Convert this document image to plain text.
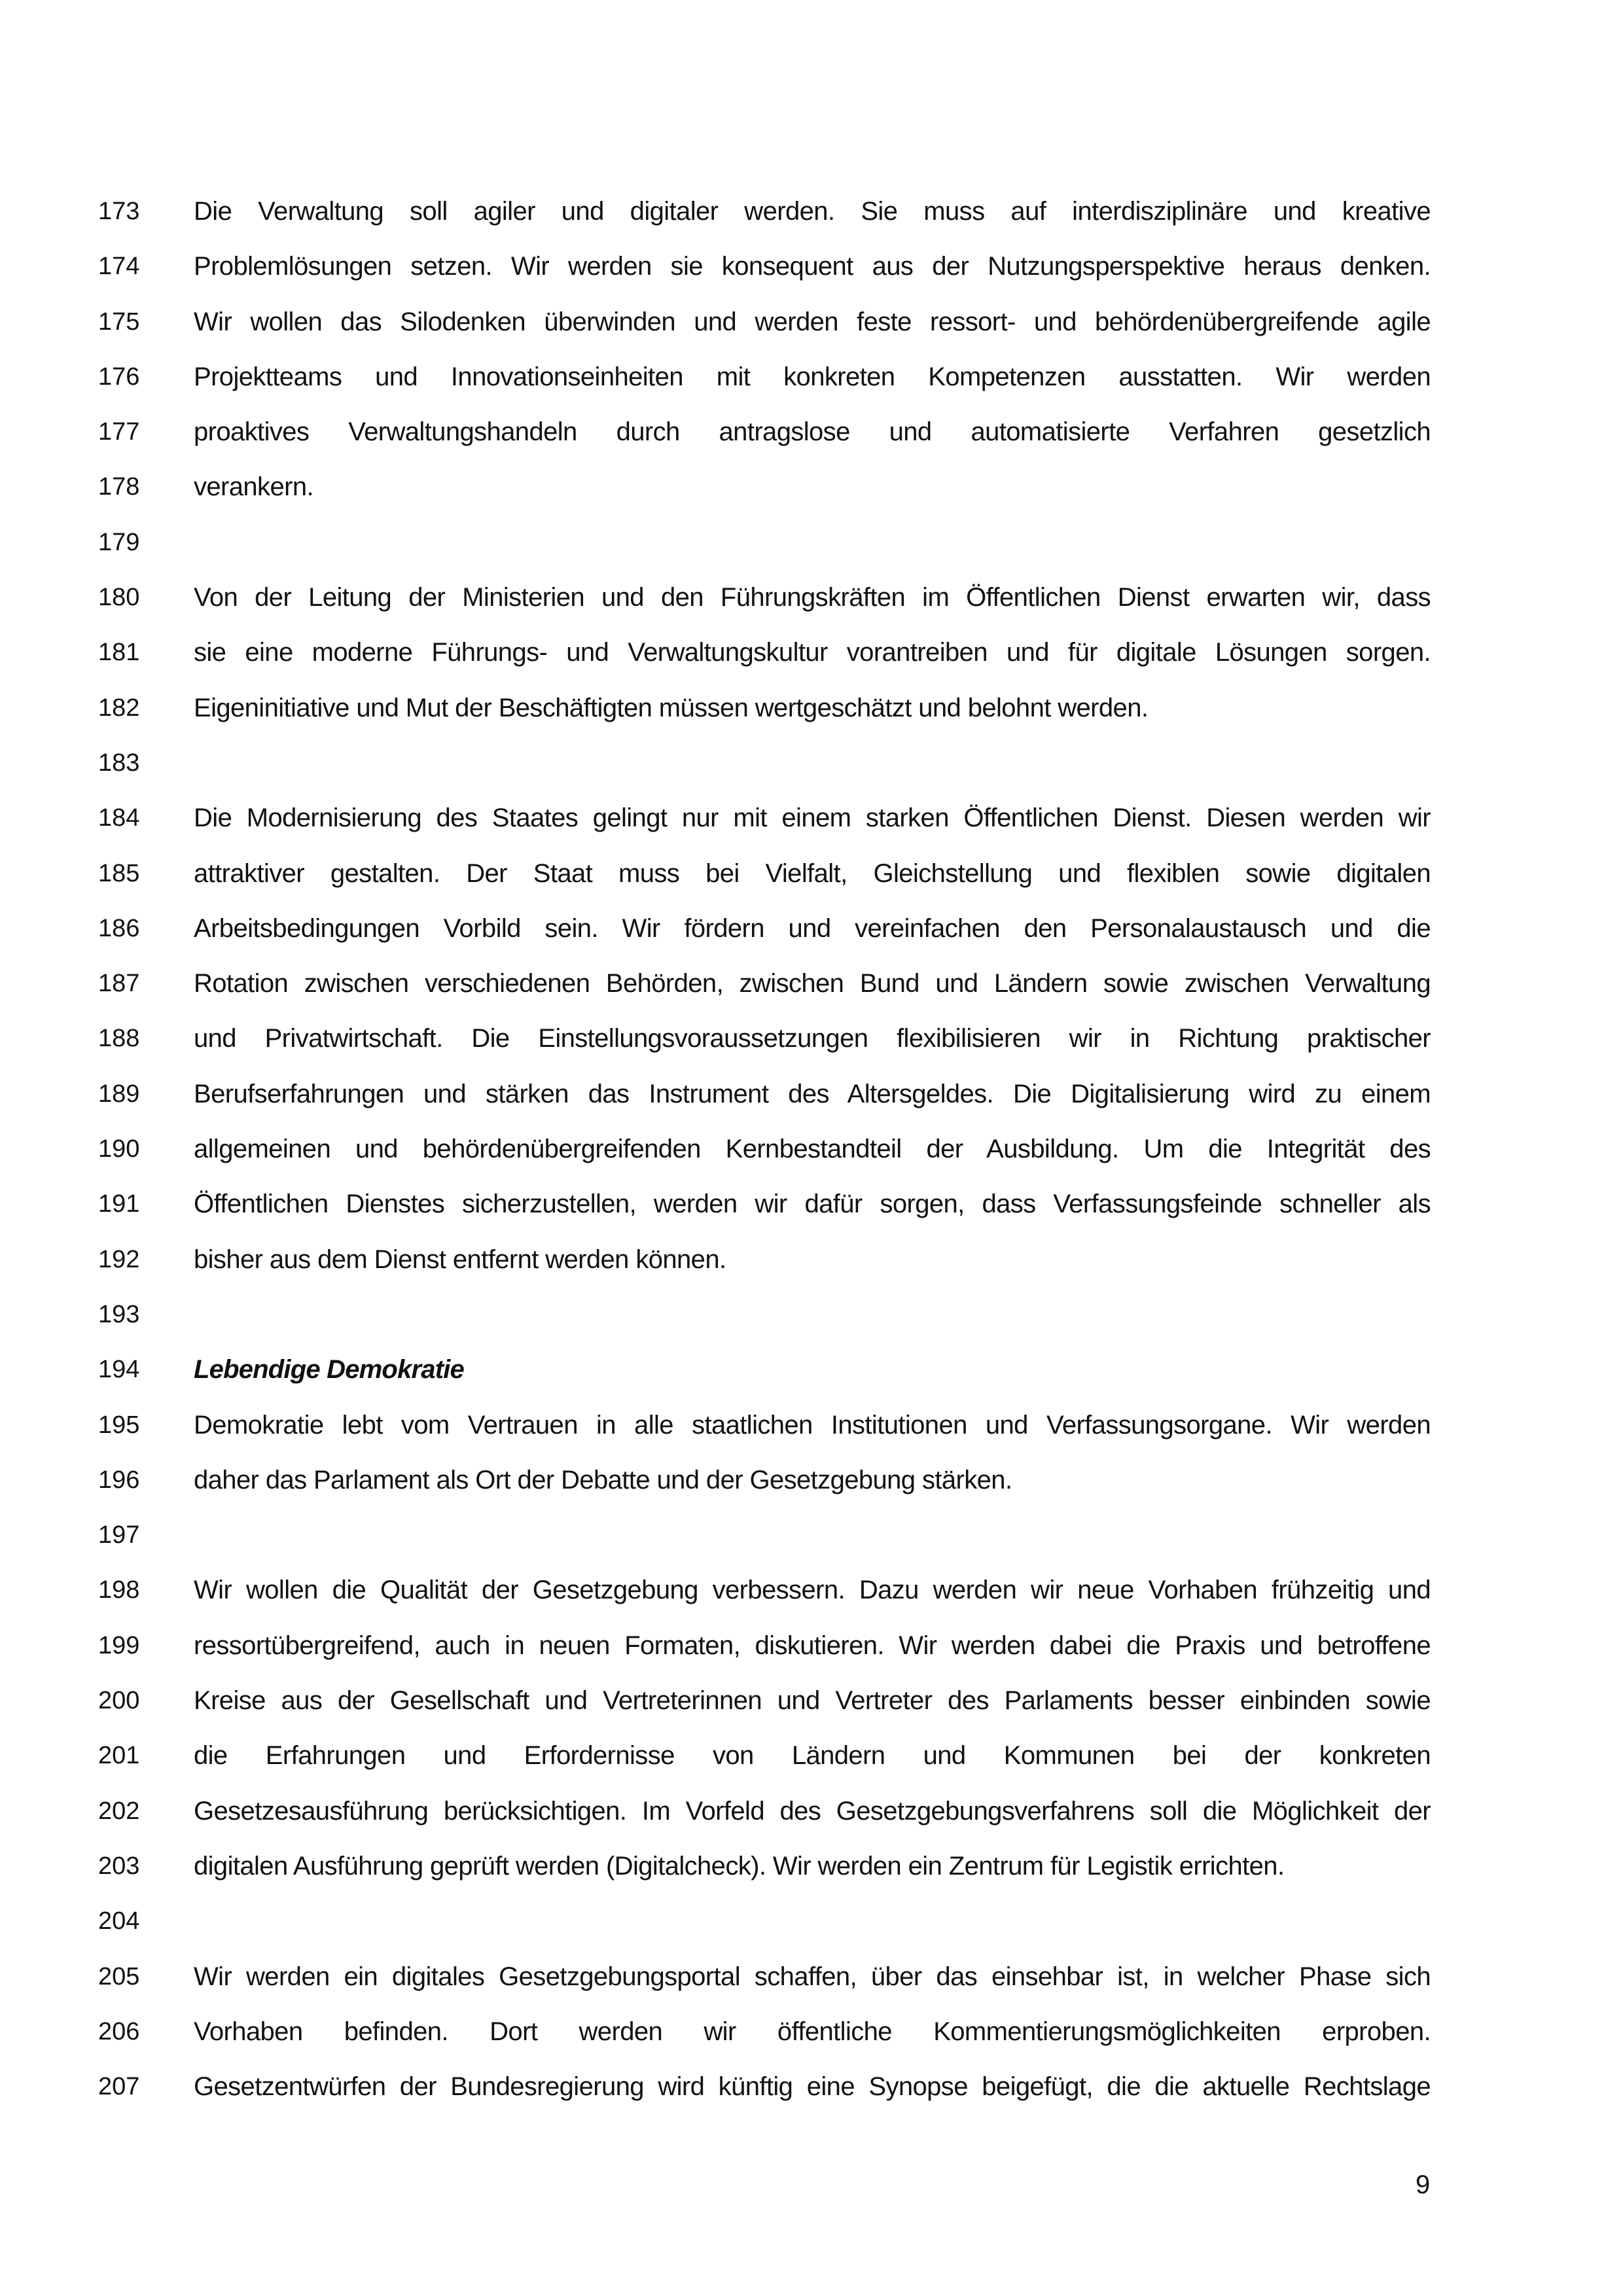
173	Die Verwaltung soll agiler und digitaler werden. Sie muss auf interdisziplinäre und kreative
174	Problemlösungen setzen. Wir werden sie konsequent aus der Nutzungsperspektive heraus denken.
175	Wir wollen das Silodenken überwinden und werden feste ressort- und behördenübergreifende agile
176	Projektteams und Innovationseinheiten mit konkreten Kompetenzen ausstatten. Wir werden
177	proaktives Verwaltungshandeln durch antragslose und automatisierte Verfahren gesetzlich
178	verankern.
179
180	Von der Leitung der Ministerien und den Führungskräften im Öffentlichen Dienst erwarten wir, dass
181	sie eine moderne Führungs- und Verwaltungskultur vorantreiben und für digitale Lösungen sorgen.
182	Eigeninitiative und Mut der Beschäftigten müssen wertgeschätzt und belohnt werden.
183
184	Die Modernisierung des Staates gelingt nur mit einem starken Öffentlichen Dienst. Diesen werden wir
185	attraktiver gestalten. Der Staat muss bei Vielfalt, Gleichstellung und flexiblen sowie digitalen
186	Arbeitsbedingungen Vorbild sein. Wir fördern und vereinfachen den Personalaustausch und die
187	Rotation zwischen verschiedenen Behörden, zwischen Bund und Ländern sowie zwischen Verwaltung
188	und Privatwirtschaft. Die Einstellungsvoraussetzungen flexibilisieren wir in Richtung praktischer
189	Berufserfahrungen und stärken das Instrument des Altersgeldes. Die Digitalisierung wird zu einem
190	allgemeinen und behördenübergreifenden Kernbestandteil der Ausbildung. Um die Integrität des
191	Öffentlichen Dienstes sicherzustellen, werden wir dafür sorgen, dass Verfassungsfeinde schneller als
192	bisher aus dem Dienst entfernt werden können.
193
194	Lebendige Demokratie
195	Demokratie lebt vom Vertrauen in alle staatlichen Institutionen und Verfassungsorgane. Wir werden
196	daher das Parlament als Ort der Debatte und der Gesetzgebung stärken.
197
198	Wir wollen die Qualität der Gesetzgebung verbessern. Dazu werden wir neue Vorhaben frühzeitig und
199	ressortübergreifend, auch in neuen Formaten, diskutieren. Wir werden dabei die Praxis und betroffene
200	Kreise aus der Gesellschaft und Vertreterinnen und Vertreter des Parlaments besser einbinden sowie
201	die Erfahrungen und Erfordernisse von Ländern und Kommunen bei der konkreten
202	Gesetzesausführung berücksichtigen. Im Vorfeld des Gesetzgebungsverfahrens soll die Möglichkeit der
203	digitalen Ausführung geprüft werden (Digitalcheck). Wir werden ein Zentrum für Legistik errichten.
204
205	Wir werden ein digitales Gesetzgebungsportal schaffen, über das einsehbar ist, in welcher Phase sich
206	Vorhaben befinden. Dort werden wir öffentliche Kommentierungsmöglichkeiten erproben.
207	Gesetzentwürfen der Bundesregierung wird künftig eine Synopse beigefügt, die die aktuelle Rechtslage
9
